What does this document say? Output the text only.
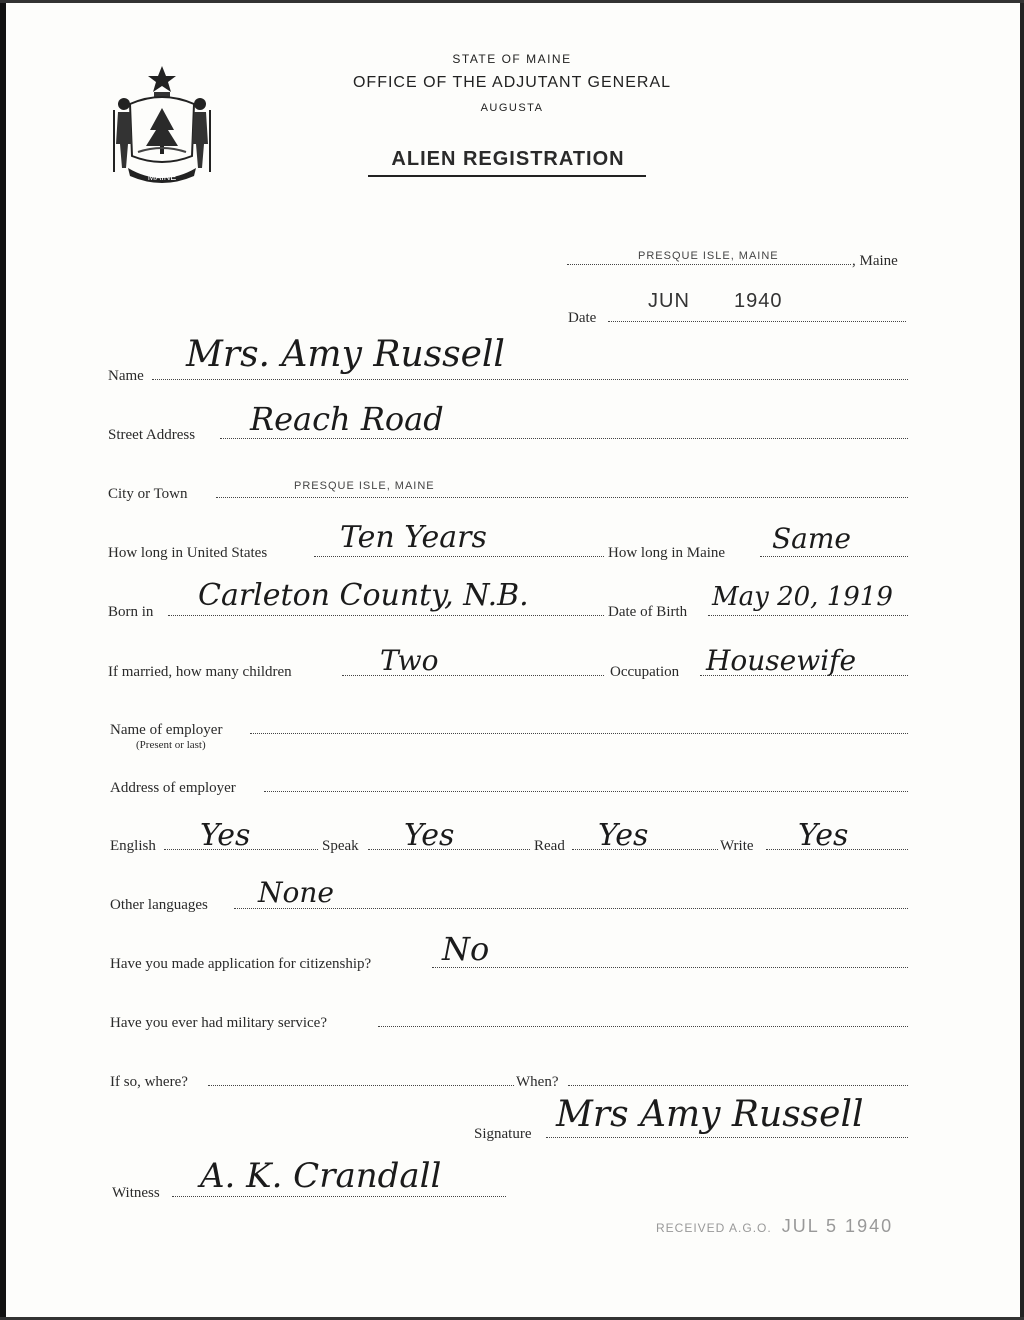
MAINE
STATE OF MAINE
OFFICE OF THE ADJUTANT GENERAL
AUGUSTA
ALIEN REGISTRATION
PRESQUE ISLE, MAINE	, Maine
Date
JUN 1940
Name
Mrs. Amy Russell
Street Address Reach Road
City or Town	PRESQUE ISLE, MAINE
How long in United States Ten Years	How long in Maine Same
Born in Carleton County, N.B.	Date of Birth May 20, 1919
If married, how many children	Two	Occupation Housewife
Name of employer
(Present or last)
Address of employer
English Yes	Speak Yes	Read Yes	Write Yes
Other languages None
Have you made application for citizenship? No
Have you ever had military service?
If so, where?	When?
Signature Mrs Amy Russell
Witness A. K. Crandall
RECEIVED A.G.O. JUL 5 1940
